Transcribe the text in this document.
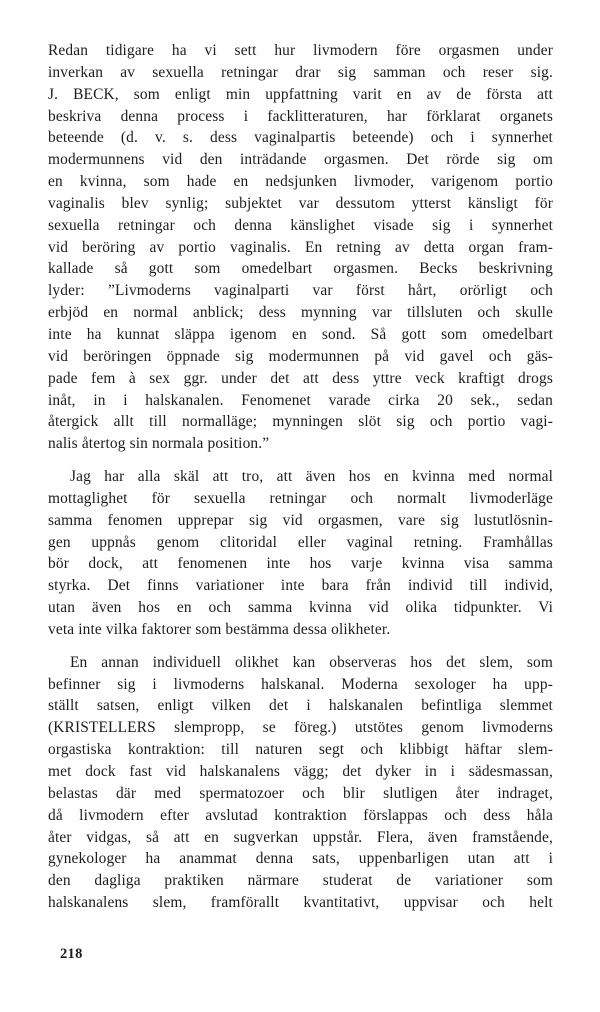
Redan tidigare ha vi sett hur livmodern före orgasmen under
inverkan av sexuella retningar drar sig samman och reser sig.
J. BECK, som enligt min uppfattning varit en av de första att
beskriva denna process i facklitteraturen, har förklarat organets
beteende (d. v. s. dess vaginalpartis beteende) och i synnerhet
modermunnens vid den inträdande orgasmen. Det rörde sig om
en kvinna, som hade en nedsjunken livmoder, varigenom portio
vaginalis blev synlig; subjektet var dessutom ytterst känsligt för
sexuella retningar och denna känslighet visade sig i synnerhet
vid beröring av portio vaginalis. En retning av detta organ fram-
kallade så gott som omedelbart orgasmen. Becks beskrivning
lyder: ”Livmoderns vaginalparti var först hårt, orörligt och
erbjöd en normal anblick; dess mynning var tillsluten och skulle
inte ha kunnat släppa igenom en sond. Så gott som omedelbart
vid beröringen öppnade sig modermunnen på vid gavel och gäs-
pade fem à sex ggr. under det att dess yttre veck kraftigt drogs
inåt, in i halskanalen. Fenomenet varade cirka 20 sek., sedan
återgick allt till normalläge; mynningen slöt sig och portio vagi-
nalis återtog sin normala position.”
Jag har alla skäl att tro, att även hos en kvinna med normal
mottaglighet för sexuella retningar och normalt livmoderläge
samma fenomen upprepar sig vid orgasmen, vare sig lustutlösnin-
gen uppnås genom clitoridal eller vaginal retning. Framhållas
bör dock, att fenomenen inte hos varje kvinna visa samma
styrka. Det finns variationer inte bara från individ till individ,
utan även hos en och samma kvinna vid olika tidpunkter. Vi
veta inte vilka faktorer som bestämma dessa olikheter.
En annan individuell olikhet kan observeras hos det slem, som
befinner sig i livmoderns halskanal. Moderna sexologer ha upp-
ställt satsen, enligt vilken det i halskanalen befintliga slemmet
(KRISTELLERS slempropp, se föreg.) utstötes genom livmoderns
orgastiska kontraktion: till naturen segt och klibbigt häftar slem-
met dock fast vid halskanalens vägg; det dyker in i sädesmassan,
belastas där med spermatozoer och blir slutligen åter indraget,
då livmodern efter avslutad kontraktion förslappas och dess håla
åter vidgas, så att en sugverkan uppstår. Flera, även framstående,
gynekologer ha anammat denna sats, uppenbarligen utan att i
den dagliga praktiken närmare studerat de variationer som
halskanalens slem, framförallt kvantitativt, uppvisar och helt
218
